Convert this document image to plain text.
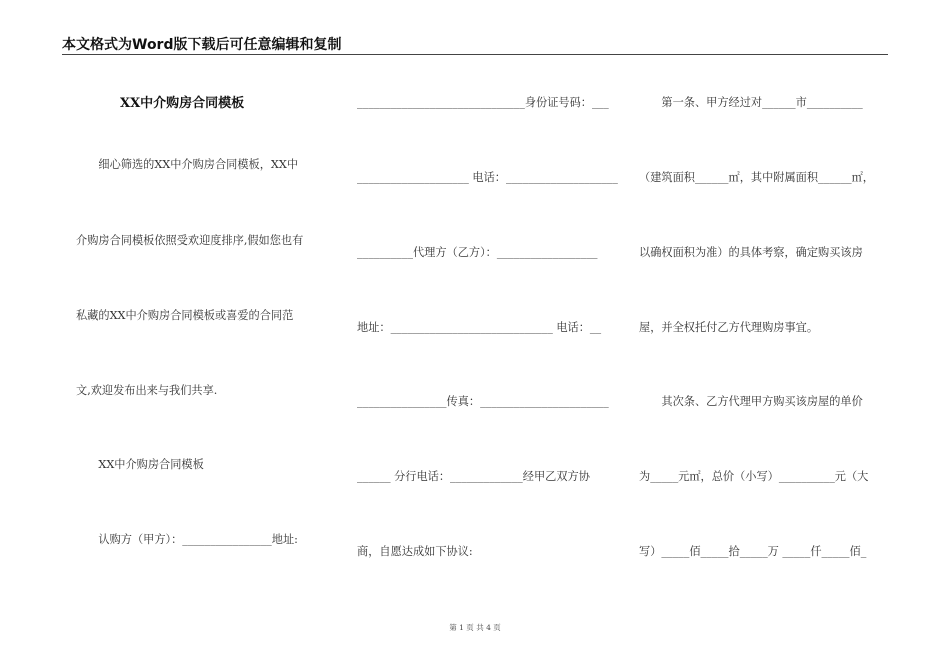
本文格式为Word版下载后可任意编辑和复制
XX中介购房合同模板
　　细心筛选的XX中介购房合同模板，XX中
介购房合同模板依照受欢迎度排序,假如您也有
私藏的XX中介购房合同模板或喜爱的合同范
文,欢迎发布出来与我们共享.
　　XX中介购房合同模板
　　认购方（甲方）：________________地址:
______________________________身份证号码：___
____________________ 电话：____________________
__________代理方（乙方）：__________________
地址：_____________________________ 电话：__
________________传真：_______________________
______ 分行电话：_____________经甲乙双方协
商，自愿达成如下协议:
　　第一条、甲方经过对______市__________
（建筑面积______㎡，其中附属面积______㎡，
以确权面积为准）的具体考察，确定购买该房
屋，并全权托付乙方代理购房事宜。
　　其次条、乙方代理甲方购买该房屋的单价
为_____元㎡，总价（小写）__________元（大
写）_____佰_____拾_____万 _____仟_____佰_
第 1 页 共 4 页
